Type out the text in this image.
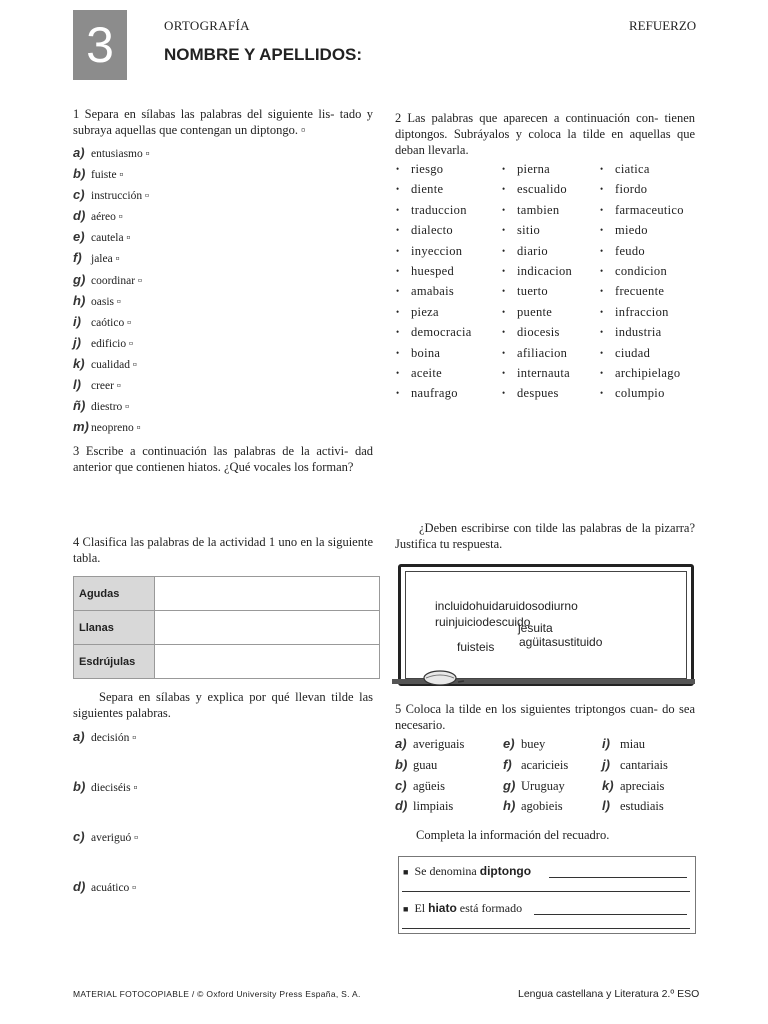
3	ORTOGRAFÍA	REFUERZO
NOMBRE Y APELLIDOS:
1 Separa en sílabas las palabras del siguiente lis- tado y subraya aquellas que contengan un diptongo. ▫
a) entusiasmo ▫
b) fuiste ▫
c) instrucción ▫
d) aéreo ▫
e) cautela ▫
f) jalea ▫
g) coordinar ▫
h) oasis ▫
i) caótico ▫
j) edificio ▫
k) cualidad ▫
l) creer ▫
ñ) diestro ▫
m) neopreno ▫
2 Las palabras que aparecen a continuación con- tienen diptongos. Subráyalos y coloca la tilde en aquellas que deban llevarla.
• riesgo
• diente
• traduccion
• dialecto
• inyeccion
• huesped
• amabais
• pieza
• democracia
• boina
• aceite
• naufrago
• pierna
• escualido
• tambien
• sitio
• diario
• indicacion
• tuerto
• puente
• diocesis
• afiliacion
• internauta
• despues
• ciatica
• fiordo
• farmaceutico
• miedo
• feudo
• condicion
• frecuente
• infraccion
• industria
• ciudad
• archipielago
• columpio
3 Escribe a continuación las palabras de la activi- dad anterior que contienen hiatos. ¿Qué vocales los forman?
4 Clasifica las palabras de la actividad 1 uno en la siguiente tabla.
Agudas	
Llanas	
Esdrújulas	
Separa en sílabas y explica por qué llevan tilde las siguientes palabras.
a) decisión ▫
b) dieciséis ▫
c) averiguó ▫
d) acuático ▫
¿Deben escribirse con tilde las palabras de la pizarra? Justifica tu respuesta.
incluidohuidaruidosodiurno
ruinjuiciodescuido
jesuita
agüitasustituido
fuisteis
5 Coloca la tilde en los siguientes triptongos cuan- do sea necesario.
a) averiguais
b) guau
c) agüeis
d) limpiais
e) buey
f) acaricieis
g) Uruguay
h) agobieis
i) miau
j) cantariais
k) apreciais
l) estudiais
Completa la información del recuadro.
■ Se denomina diptongo
■ El hiato está formado
MATERIAL FOTOCOPIABLE / © Oxford University Press España, S. A.	Lengua castellana y Literatura 2.º ESO
